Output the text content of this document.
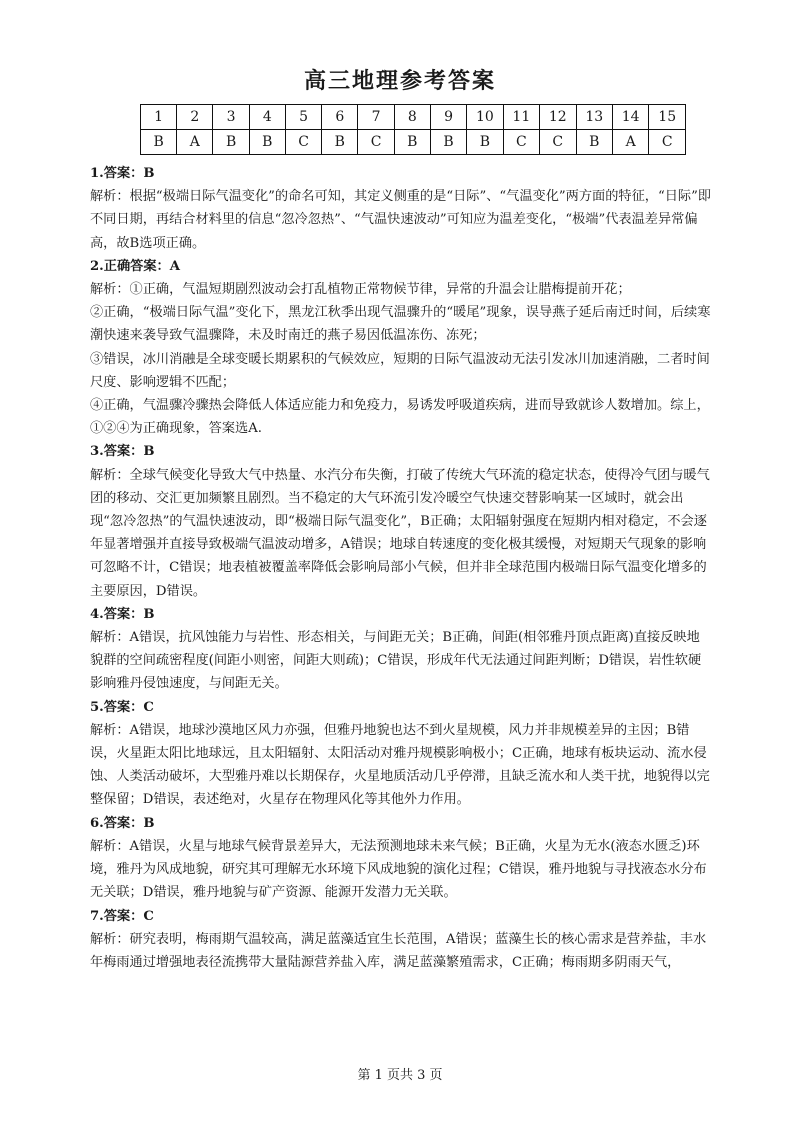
高三地理参考答案
1	2	3	4	5	6	7	8	9	10	11	12	13	14	15
B	A	B	B	C	B	C	B	B	B	C	C	B	A	C

1.答案：B

解析：根据“极端日际气温变化”的命名可知，其定义侧重的是“日际”、“气温变化”两方面的特征，“日际”即不同日期，再结合材料里的信息“忽冷忽热”、“气温快速波动”可知应为温差变化，“极端”代表温差异常偏高，故B选项正确。

2.正确答案：A

解析：①正确，气温短期剧烈波动会打乱植物正常物候节律，异常的升温会让腊梅提前开花；

②正确，“极端日际气温”变化下，黑龙江秋季出现气温骤升的“暖尾”现象，误导燕子延后南迁时间，后续寒潮快速来袭导致气温骤降，未及时南迁的燕子易因低温冻伤、冻死；

③错误，冰川消融是全球变暖长期累积的气候效应，短期的日际气温波动无法引发冰川加速消融，二者时间尺度、影响逻辑不匹配；

④正确，气温骤冷骤热会降低人体适应能力和免疫力，易诱发呼吸道疾病，进而导致就诊人数增加。综上，①②④为正确现象，答案选A.

3.答案：B

解析：全球气候变化导致大气中热量、水汽分布失衡，打破了传统大气环流的稳定状态，使得冷气团与暖气团的移动、交汇更加频繁且剧烈。当不稳定的大气环流引发冷暖空气快速交替影响某一区域时，就会出现“忽冷忽热”的气温快速波动，即“极端日际气温变化”，B正确；太阳辐射强度在短期内相对稳定，不会逐年显著增强并直接导致极端气温波动增多，A错误；地球自转速度的变化极其缓慢，对短期天气现象的影响可忽略不计，C错误；地表植被覆盖率降低会影响局部小气候，但并非全球范围内极端日际气温变化增多的主要原因，D错误。

4.答案：B

解析：A错误，抗风蚀能力与岩性、形态相关，与间距无关；B正确，间距(相邻雅丹顶点距离)直接反映地貌群的空间疏密程度(间距小则密，间距大则疏)；C错误，形成年代无法通过间距判断；D错误，岩性软硬影响雅丹侵蚀速度，与间距无关。

5.答案：C

解析：A错误，地球沙漠地区风力亦强，但雅丹地貌也达不到火星规模，风力并非规模差异的主因；B错误，火星距太阳比地球远，且太阳辐射、太阳活动对雅丹规模影响极小；C正确，地球有板块运动、流水侵蚀、人类活动破坏，大型雅丹难以长期保存，火星地质活动几乎停滞，且缺乏流水和人类干扰，地貌得以完整保留；D错误，表述绝对，火星存在物理风化等其他外力作用。

6.答案：B

解析：A错误，火星与地球气候背景差异大，无法预测地球未来气候；B正确，火星为无水(液态水匮乏)环境，雅丹为风成地貌，研究其可理解无水环境下风成地貌的演化过程；C错误，雅丹地貌与寻找液态水分布无关联；D错误，雅丹地貌与矿产资源、能源开发潜力无关联。

7.答案：C

解析：研究表明，梅雨期气温较高，满足蓝藻适宜生长范围，A错误；蓝藻生长的核心需求是营养盐，丰水年梅雨通过增强地表径流携带大量陆源营养盐入库，满足蓝藻繁殖需求，C正确；梅雨期多阴雨天气，

第 1 页共 3 页
